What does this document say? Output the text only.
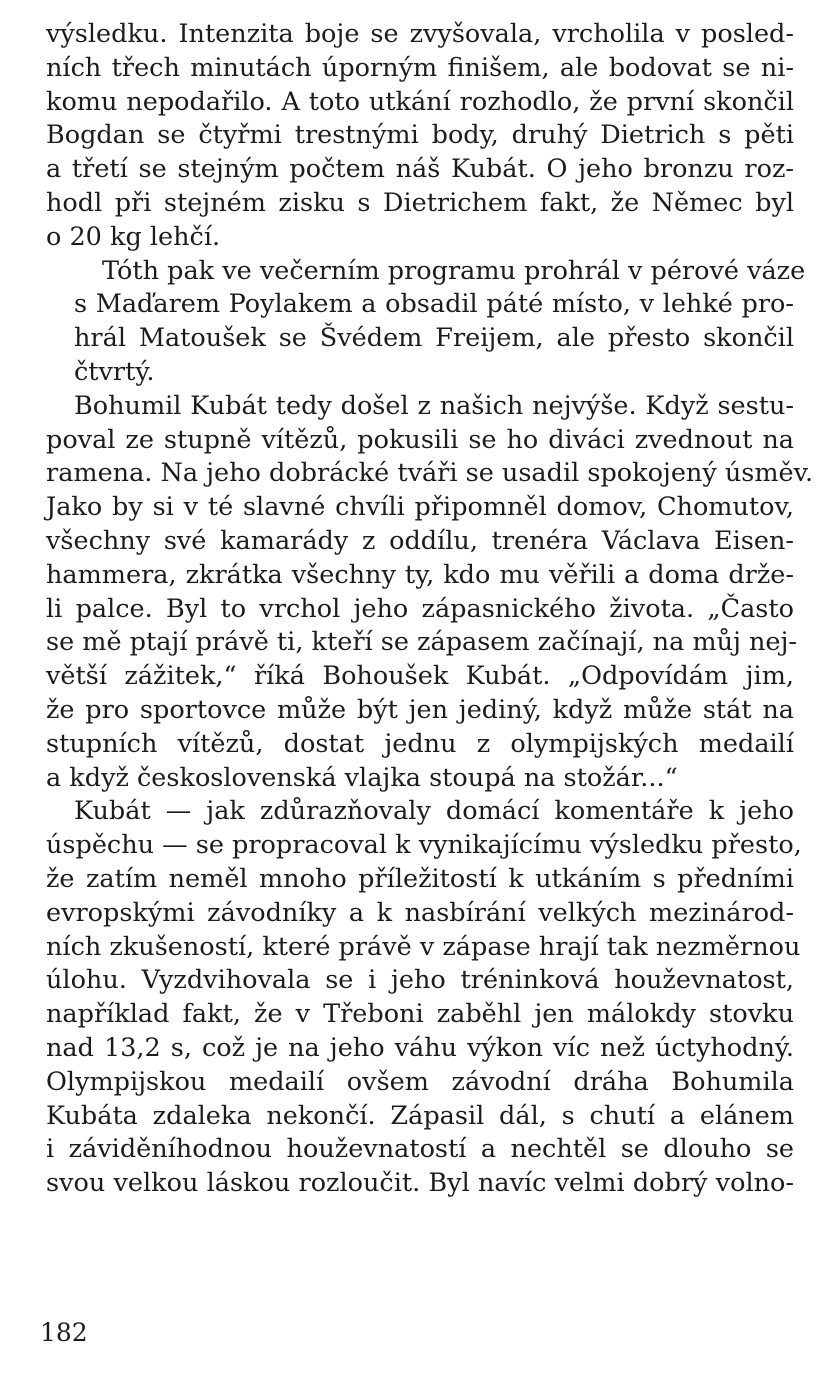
výsledku. Intenzita boje se zvyšovala, vrcholila v posled-
ních třech minutách úporným finišem, ale bodovat se ni-
komu nepodařilo. A toto utkání rozhodlo, že první skončil
Bogdan se čtyřmi trestnými body, druhý Dietrich s pěti
a třetí se stejným počtem náš Kubát. O jeho bronzu roz-
hodl při stejném zisku s Dietrichem fakt, že Němec byl
o 20 kg lehčí.
Tóth pak ve večerním programu prohrál v pérové váze
s Maďarem Poylakem a obsadil páté místo, v lehké pro-
hrál Matoušek se Švédem Freijem, ale přesto skončil
čtvrtý.
Bohumil Kubát tedy došel z našich nejvýše. Když sestu-
poval ze stupně vítězů, pokusili se ho diváci zvednout na
ramena. Na jeho dobrácké tváři se usadil spokojený úsměv.
Jako by si v té slavné chvíli připomněl domov, Chomutov,
všechny své kamarády z oddílu, trenéra Václava Eisen-
hammera, zkrátka všechny ty, kdo mu věřili a doma drže-
li palce. Byl to vrchol jeho zápasnického života. „Často
se mě ptají právě ti, kteří se zápasem začínají, na můj nej-
větší zážitek,“ říká Bohoušek Kubát. „Odpovídám jim,
že pro sportovce může být jen jediný, když může stát na
stupních vítězů, dostat jednu z olympijských medailí
a když československá vlajka stoupá na stožár...“
Kubát — jak zdůrazňovaly domácí komentáře k jeho
úspěchu — se propracoval k vynikajícímu výsledku přesto,
že zatím neměl mnoho příležitostí k utkáním s předními
evropskými závodníky a k nasbírání velkých mezinárod-
ních zkušeností, které právě v zápase hrají tak nezměrnou
úlohu. Vyzdvihovala se i jeho tréninková houževnatost,
například fakt, že v Třeboni zaběhl jen málokdy stovku
nad 13,2 s, což je na jeho váhu výkon víc než úctyhodný.
Olympijskou medailí ovšem závodní dráha Bohumila
Kubáta zdaleka nekončí. Zápasil dál, s chutí a elánem
i záviděníhodnou houževnatostí a nechtěl se dlouho se
svou velkou láskou rozloučit. Byl navíc velmi dobrý volno-
182
